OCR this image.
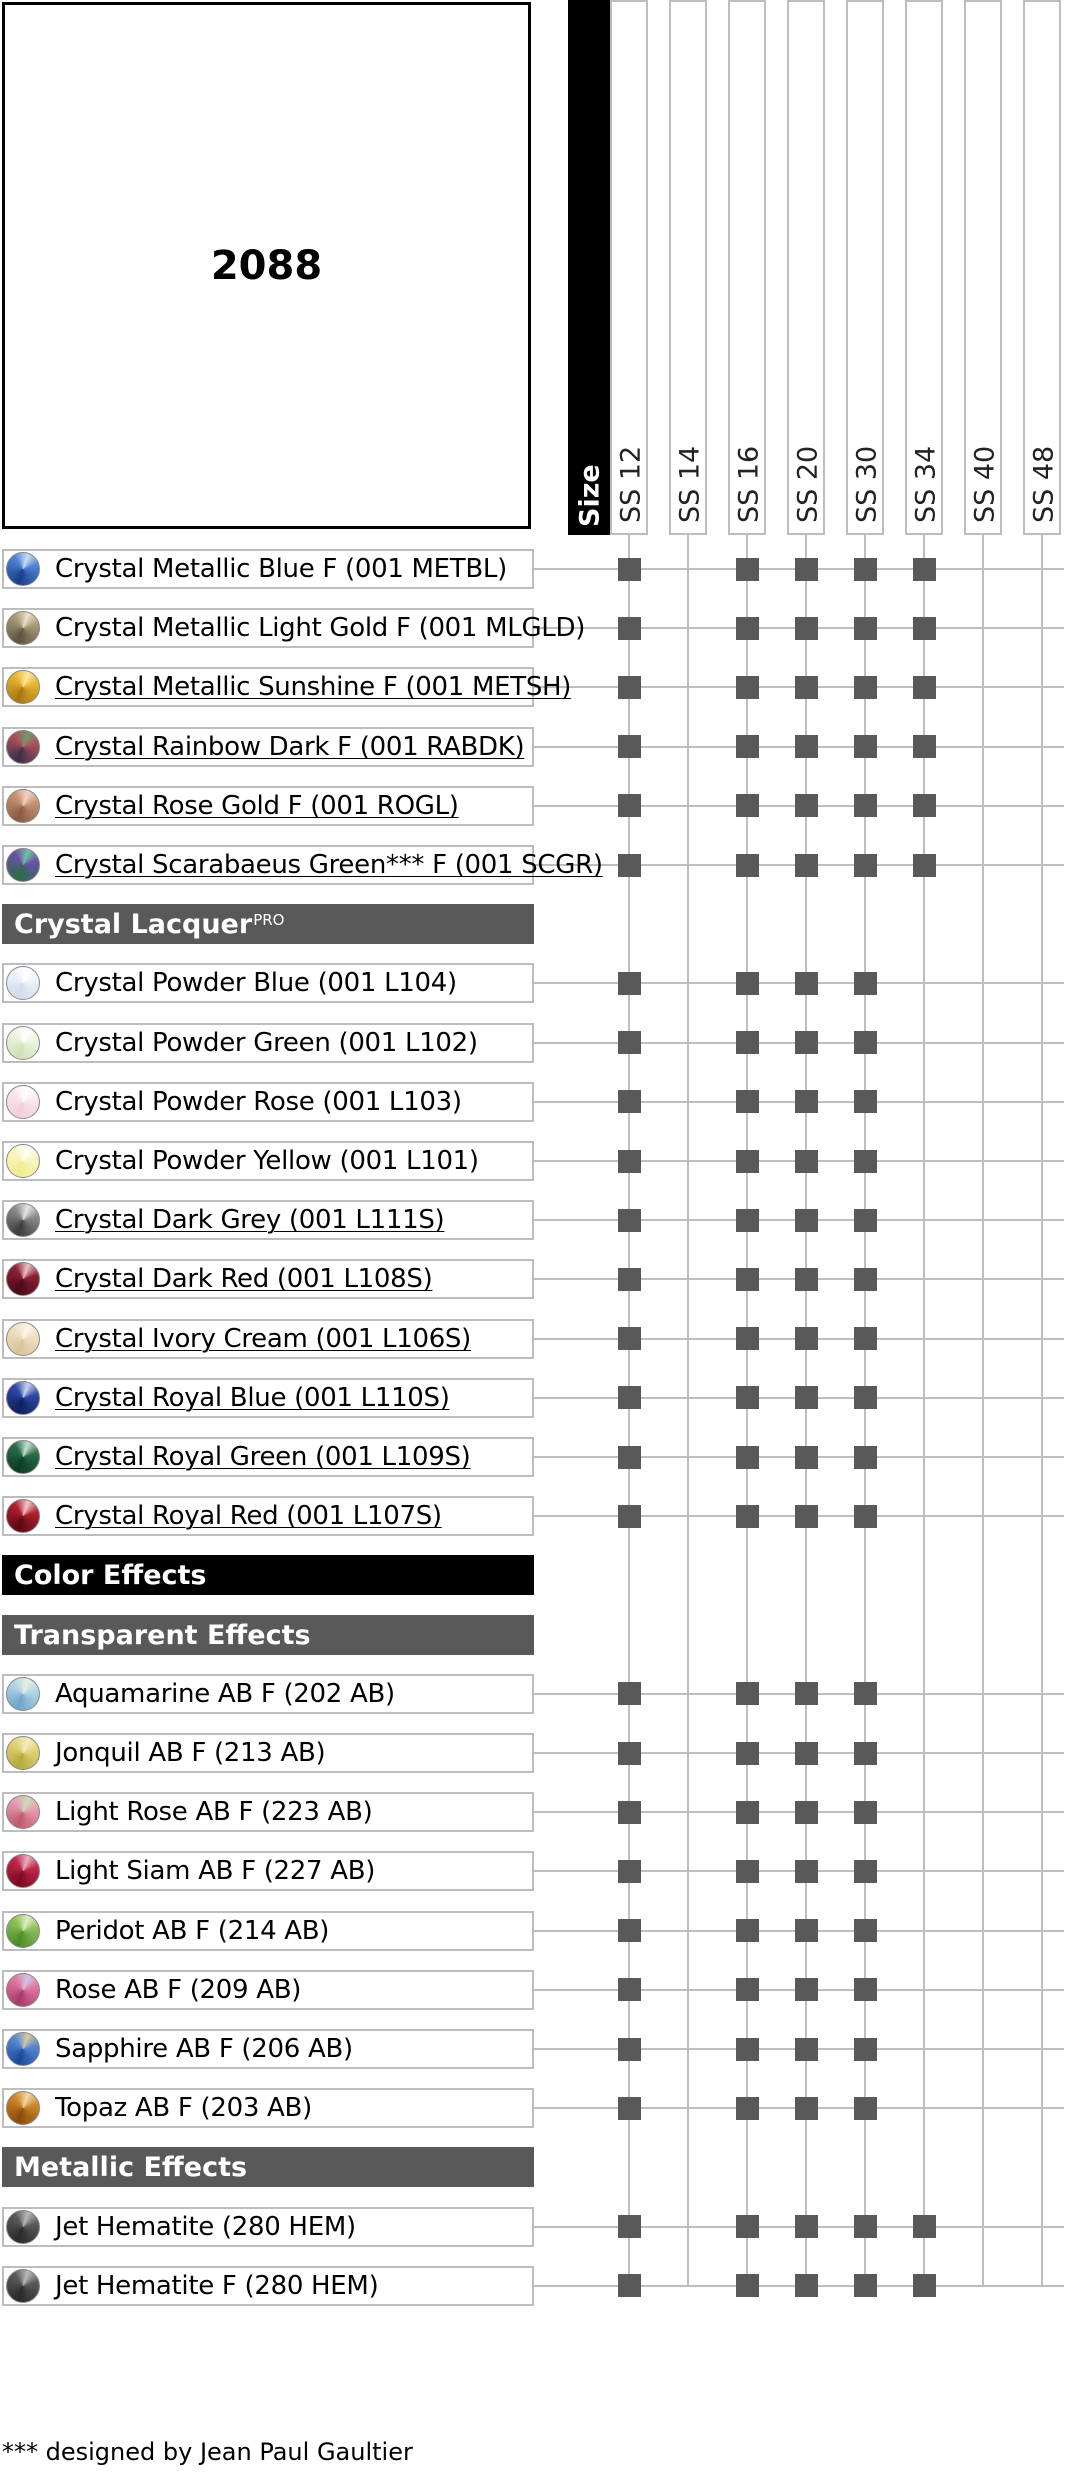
2088
Size SS 12 SS 14 SS 16 SS 20 SS 30 SS 34 SS 40 SS 48
Crystal Metallic Blue F (001 METBL)
Crystal Metallic Light Gold F (001 MLGLD)
Crystal Metallic Sunshine F (001 METSH)
Crystal Rainbow Dark F (001 RABDK)
Crystal Rose Gold F (001 ROGL)
Crystal Scarabaeus Green*** F (001 SCGR)
Crystal Lacquer$^{PRO}$
Crystal Powder Blue (001 L104)
Crystal Powder Green (001 L102)
Crystal Powder Rose (001 L103)
Crystal Powder Yellow (001 L101)
Crystal Dark Grey (001 L111S)
Crystal Dark Red (001 L108S)
Crystal Ivory Cream (001 L106S)
Crystal Royal Blue (001 L110S)
Crystal Royal Green (001 L109S)
Crystal Royal Red (001 L107S)
Color Effects
Transparent Effects
Aquamarine AB F (202 AB)
Jonquil AB F (213 AB)
Light Rose AB F (223 AB)
Light Siam AB F (227 AB)
Peridot AB F (214 AB)
Rose AB F (209 AB)
Sapphire AB F (206 AB)
Topaz AB F (203 AB)
Metallic Effects
Jet Hematite (280 HEM)
Jet Hematite F (280 HEM)
*** designed by Jean Paul Gaultier
